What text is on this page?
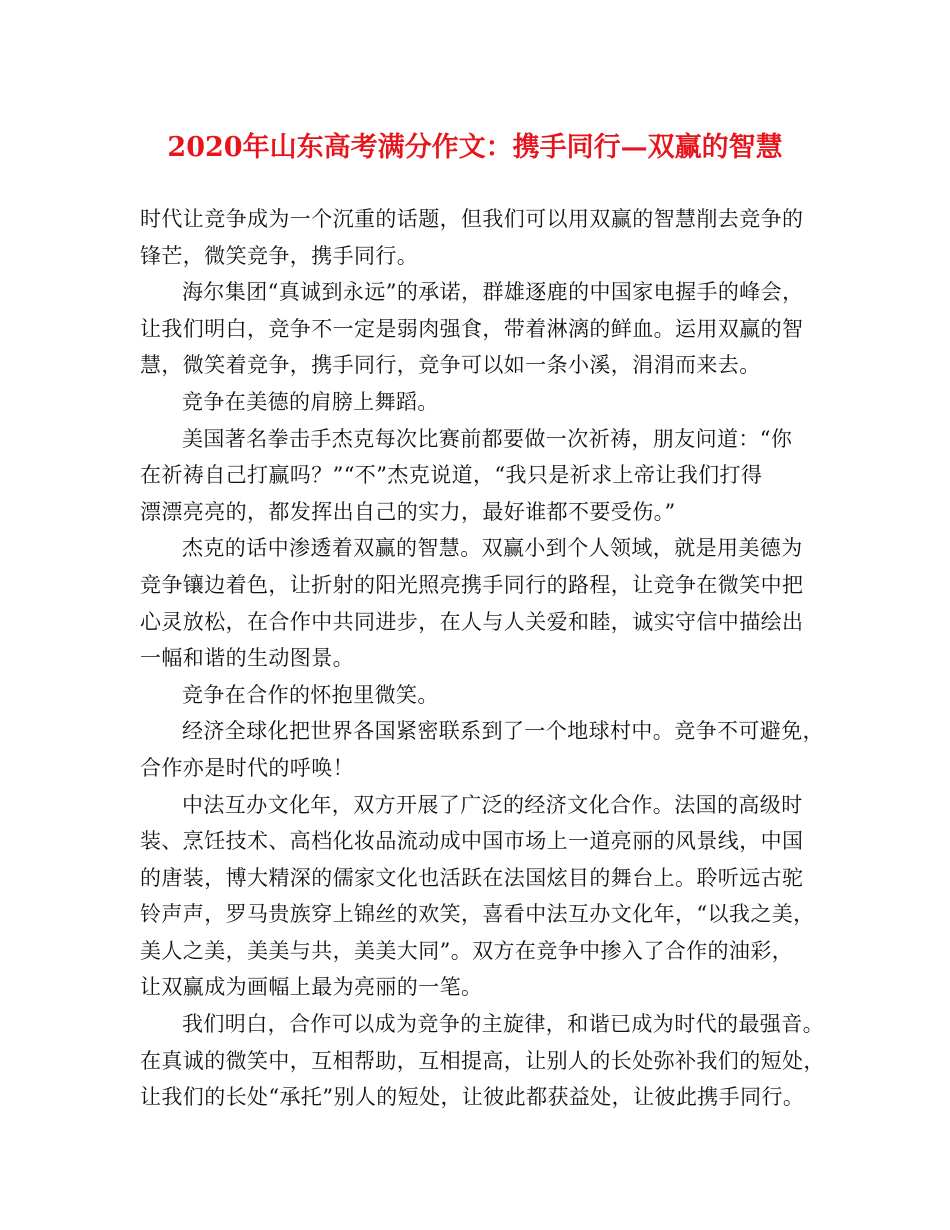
2020年山东高考满分作文：携手同行—双赢的智慧

时代让竞争成为一个沉重的话题，但我们可以用双赢的智慧削去竞争的
锋芒，微笑竞争，携手同行。

海尔集团“真诚到永远”的承诺，群雄逐鹿的中国家电握手的峰会，
让我们明白，竞争不一定是弱肉强食，带着淋漓的鲜血。运用双赢的智
慧，微笑着竞争，携手同行，竞争可以如一条小溪，涓涓而来去。

竞争在美德的肩膀上舞蹈。

美国著名拳击手杰克每次比赛前都要做一次祈祷，朋友问道：“你
在祈祷自己打赢吗？”“不”杰克说道，“我只是祈求上帝让我们打得
漂漂亮亮的，都发挥出自己的实力，最好谁都不要受伤。”

杰克的话中渗透着双赢的智慧。双赢小到个人领域，就是用美德为
竞争镶边着色，让折射的阳光照亮携手同行的路程，让竞争在微笑中把
心灵放松，在合作中共同进步，在人与人关爱和睦，诚实守信中描绘出
一幅和谐的生动图景。

竞争在合作的怀抱里微笑。

经济全球化把世界各国紧密联系到了一个地球村中。竞争不可避免，
合作亦是时代的呼唤！

中法互办文化年，双方开展了广泛的经济文化合作。法国的高级时
装、烹饪技术、高档化妆品流动成中国市场上一道亮丽的风景线，中国
的唐装，博大精深的儒家文化也活跃在法国炫目的舞台上。聆听远古驼
铃声声，罗马贵族穿上锦丝的欢笑，喜看中法互办文化年，“以我之美，
美人之美，美美与共，美美大同”。双方在竞争中掺入了合作的油彩，
让双赢成为画幅上最为亮丽的一笔。

我们明白，合作可以成为竞争的主旋律，和谐已成为时代的最强音。
在真诚的微笑中，互相帮助，互相提高，让别人的长处弥补我们的短处，
让我们的长处“承托”别人的短处，让彼此都获益处，让彼此携手同行。
